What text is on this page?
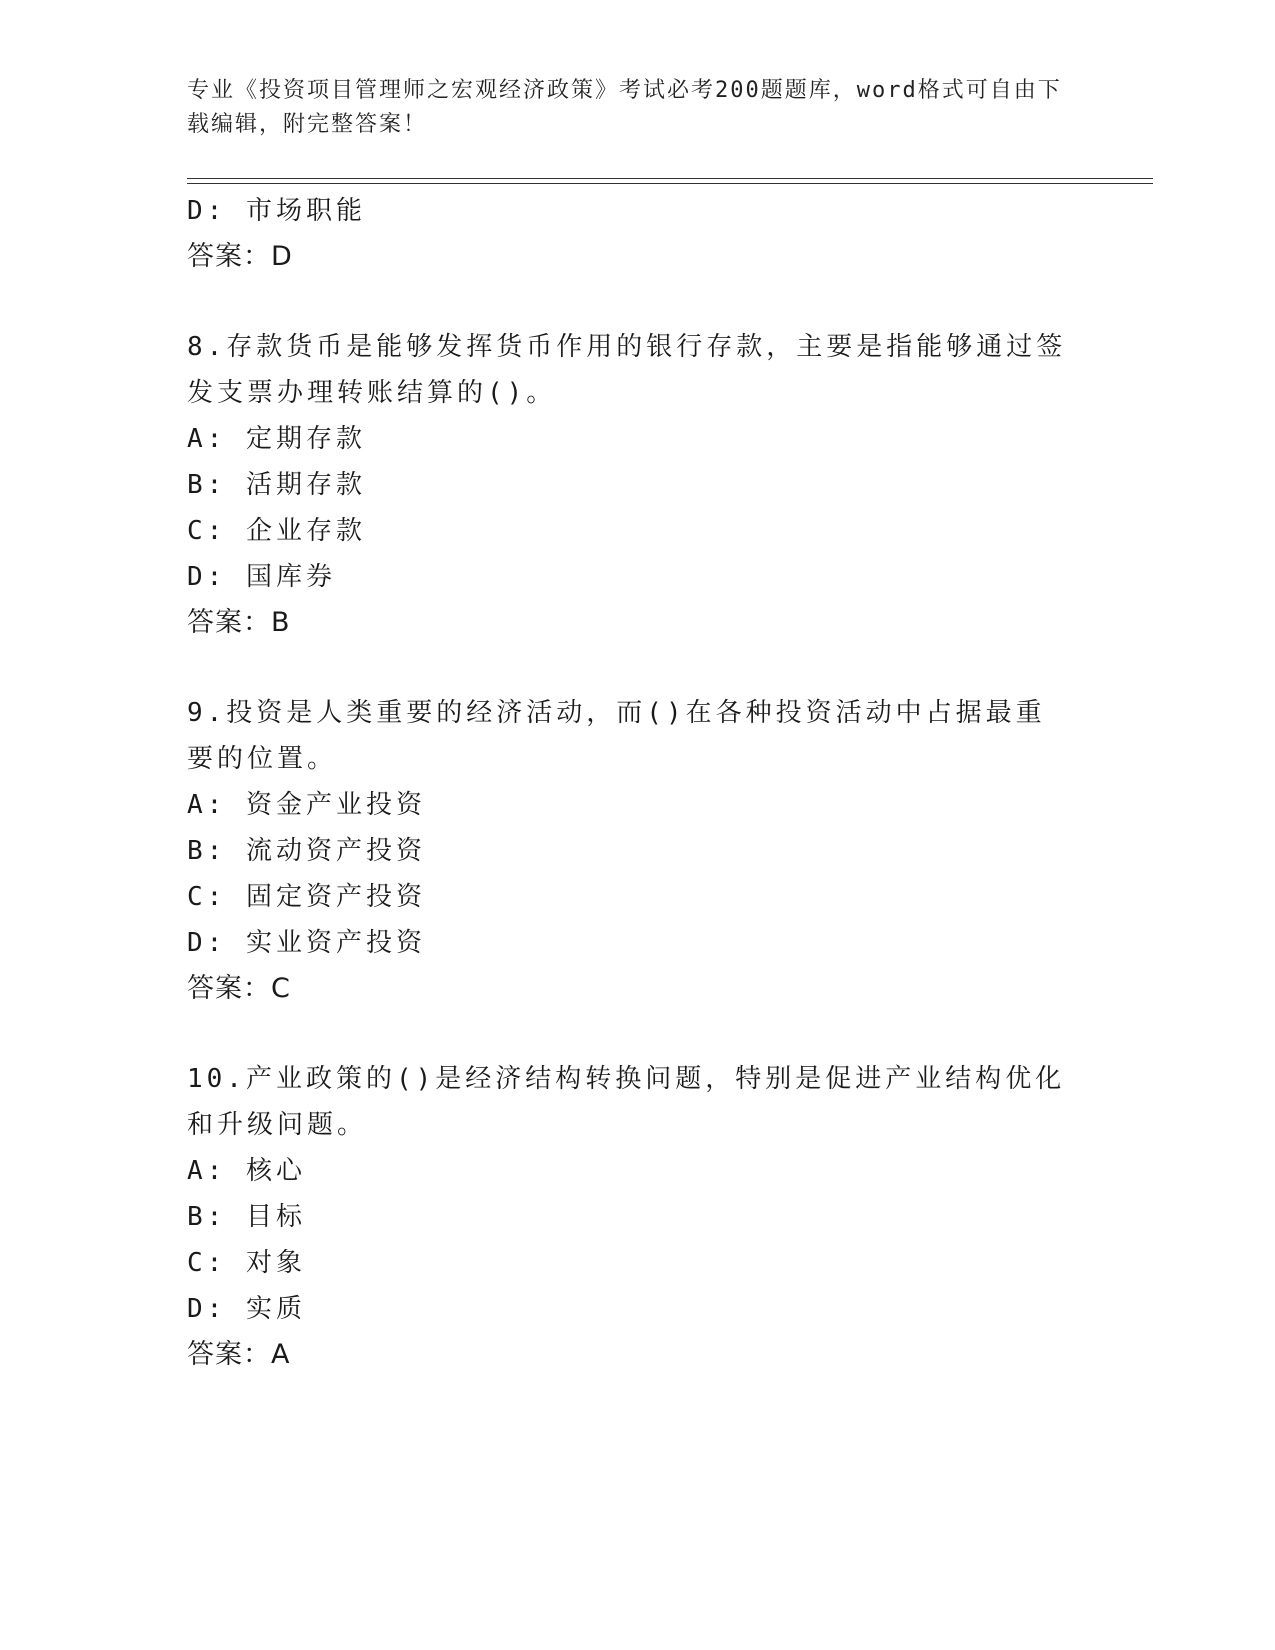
专业《投资项目管理师之宏观经济政策》考试必考200题题库，word格式可自由下载编辑，附完整答案！
D: 市场职能
答案：D
8.存款货币是能够发挥货币作用的银行存款，主要是指能够通过签发支票办理转账结算的()。
A: 定期存款
B: 活期存款
C: 企业存款
D: 国库券
答案：B
9.投资是人类重要的经济活动，而()在各种投资活动中占据最重要的位置。
A: 资金产业投资
B: 流动资产投资
C: 固定资产投资
D: 实业资产投资
答案：C
10.产业政策的()是经济结构转换问题，特别是促进产业结构优化和升级问题。
A: 核心
B: 目标
C: 对象
D: 实质
答案：A
